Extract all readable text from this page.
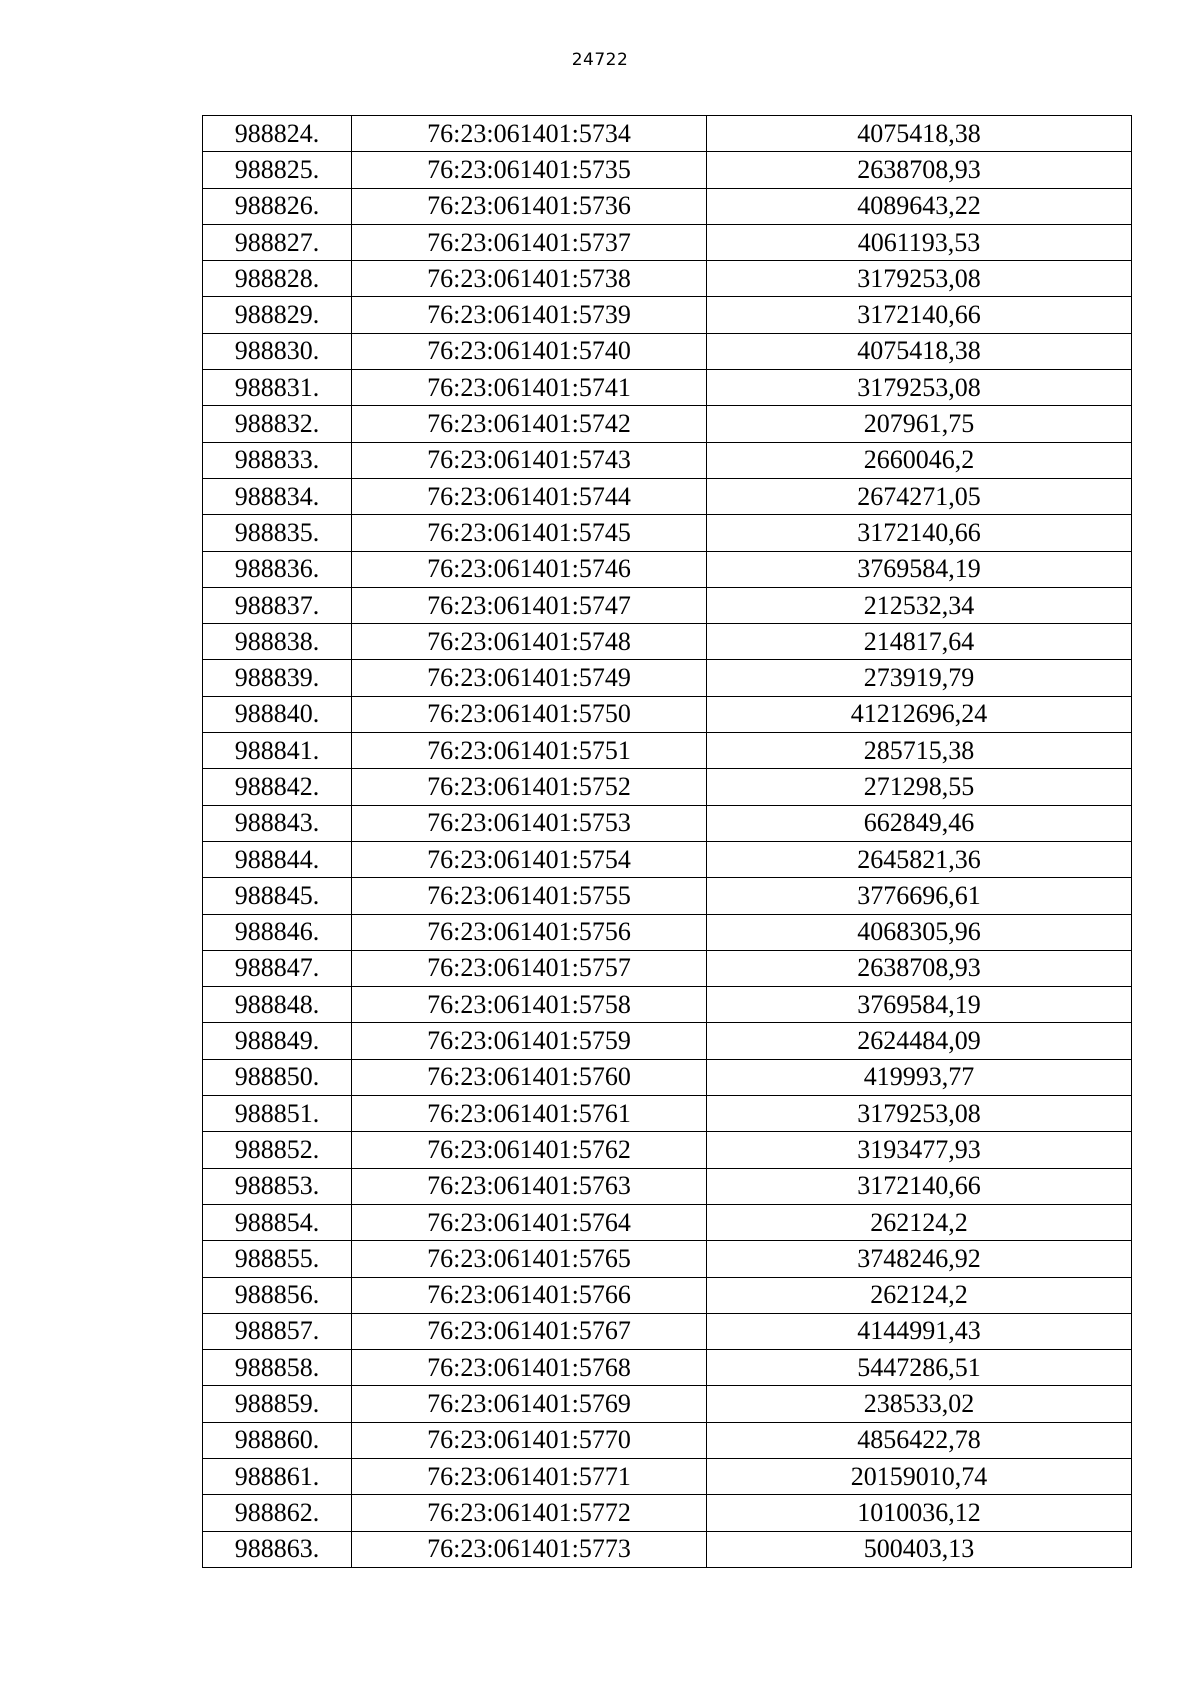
24722
988824.	76:23:061401:5734	4075418,38
988825.	76:23:061401:5735	2638708,93
988826.	76:23:061401:5736	4089643,22
988827.	76:23:061401:5737	4061193,53
988828.	76:23:061401:5738	3179253,08
988829.	76:23:061401:5739	3172140,66
988830.	76:23:061401:5740	4075418,38
988831.	76:23:061401:5741	3179253,08
988832.	76:23:061401:5742	207961,75
988833.	76:23:061401:5743	2660046,2
988834.	76:23:061401:5744	2674271,05
988835.	76:23:061401:5745	3172140,66
988836.	76:23:061401:5746	3769584,19
988837.	76:23:061401:5747	212532,34
988838.	76:23:061401:5748	214817,64
988839.	76:23:061401:5749	273919,79
988840.	76:23:061401:5750	41212696,24
988841.	76:23:061401:5751	285715,38
988842.	76:23:061401:5752	271298,55
988843.	76:23:061401:5753	662849,46
988844.	76:23:061401:5754	2645821,36
988845.	76:23:061401:5755	3776696,61
988846.	76:23:061401:5756	4068305,96
988847.	76:23:061401:5757	2638708,93
988848.	76:23:061401:5758	3769584,19
988849.	76:23:061401:5759	2624484,09
988850.	76:23:061401:5760	419993,77
988851.	76:23:061401:5761	3179253,08
988852.	76:23:061401:5762	3193477,93
988853.	76:23:061401:5763	3172140,66
988854.	76:23:061401:5764	262124,2
988855.	76:23:061401:5765	3748246,92
988856.	76:23:061401:5766	262124,2
988857.	76:23:061401:5767	4144991,43
988858.	76:23:061401:5768	5447286,51
988859.	76:23:061401:5769	238533,02
988860.	76:23:061401:5770	4856422,78
988861.	76:23:061401:5771	20159010,74
988862.	76:23:061401:5772	1010036,12
988863.	76:23:061401:5773	500403,13
